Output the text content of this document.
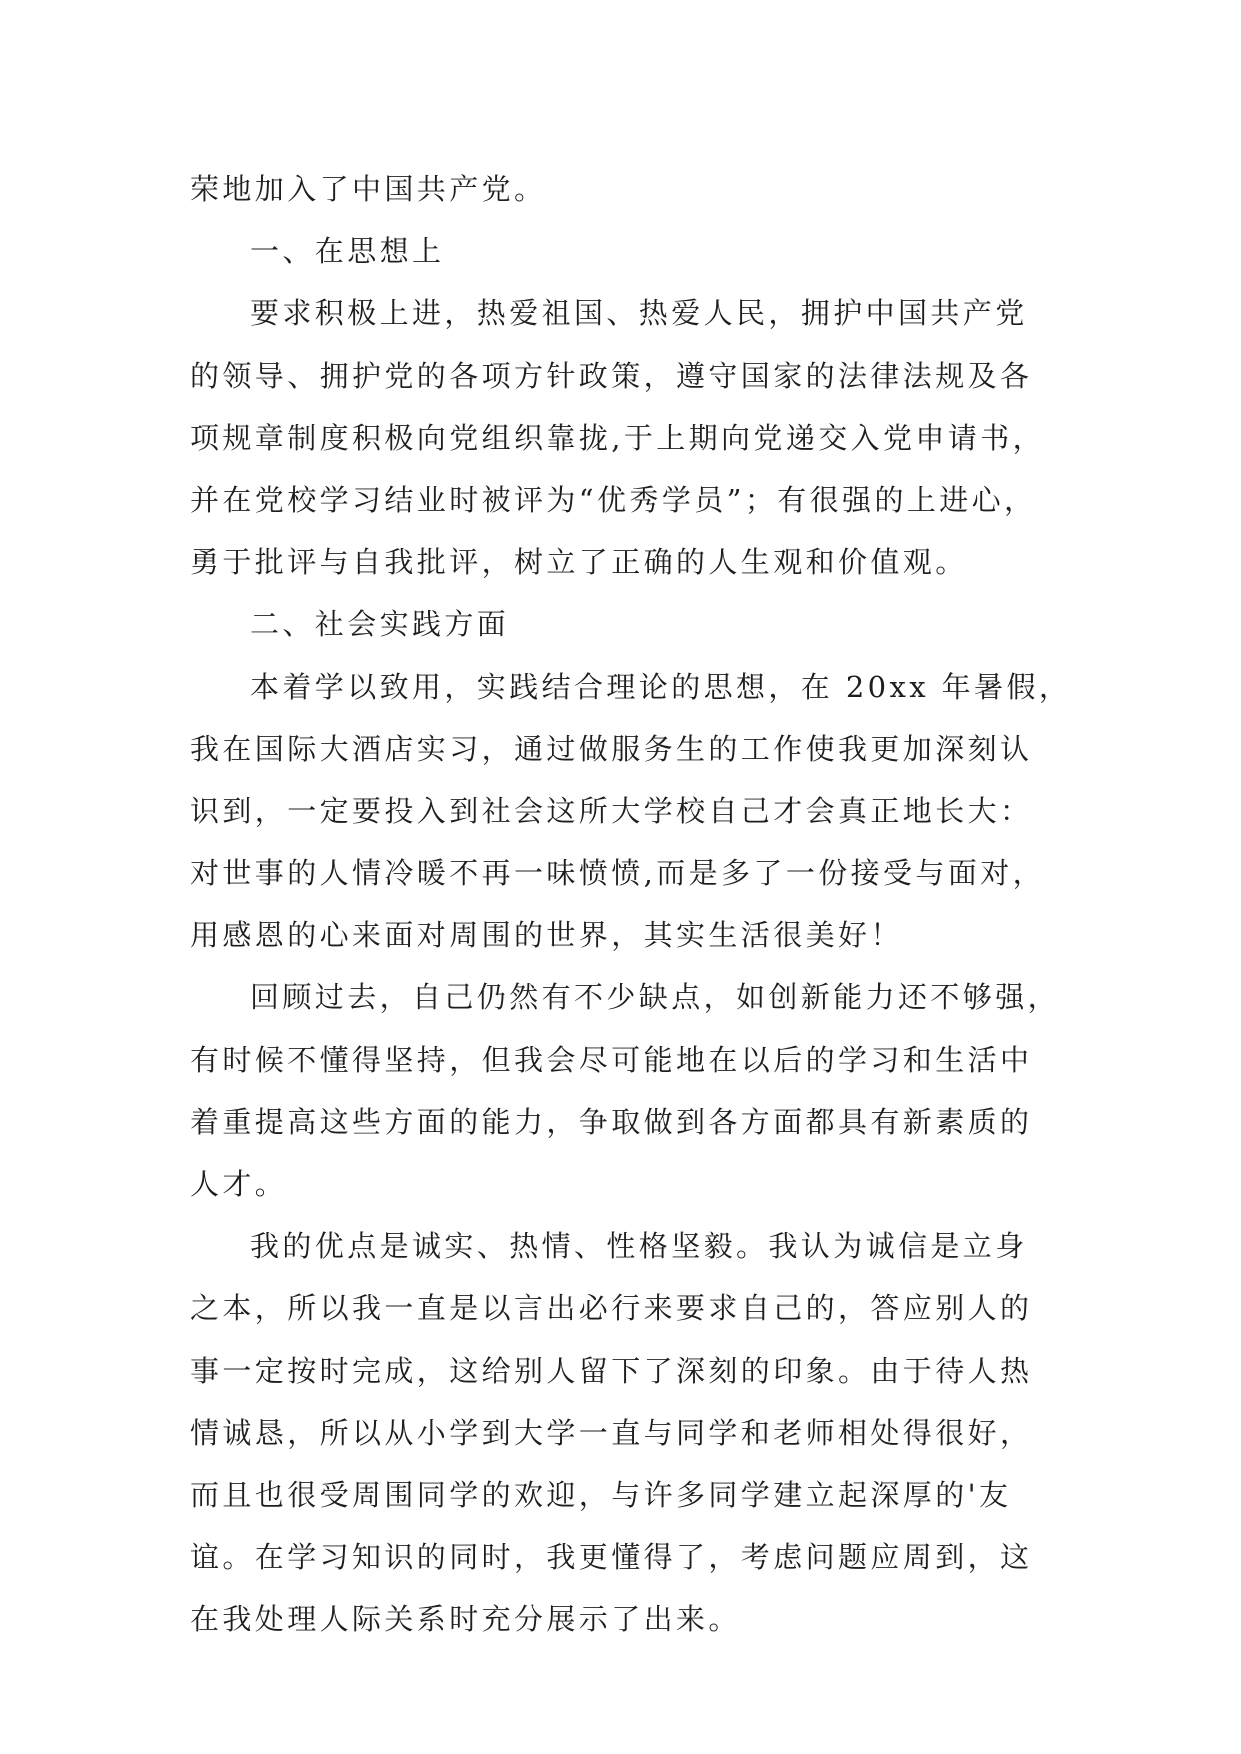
荣地加入了中国共产党。
一、在思想上
要求积极上进，热爱祖国、热爱人民，拥护中国共产党
的领导、拥护党的各项方针政策，遵守国家的法律法规及各
项规章制度积极向党组织靠拢,于上期向党递交入党申请书，
并在党校学习结业时被评为“优秀学员”；有很强的上进心，
勇于批评与自我批评，树立了正确的人生观和价值观。
二、社会实践方面
本着学以致用，实践结合理论的思想，在 20xx 年暑假，
我在国际大酒店实习，通过做服务生的工作使我更加深刻认
识到，一定要投入到社会这所大学校自己才会真正地长大：
对世事的人情冷暖不再一味愤愤,而是多了一份接受与面对，
用感恩的心来面对周围的世界，其实生活很美好！
回顾过去，自己仍然有不少缺点，如创新能力还不够强，
有时候不懂得坚持，但我会尽可能地在以后的学习和生活中
着重提高这些方面的能力，争取做到各方面都具有新素质的
人才。
我的优点是诚实、热情、性格坚毅。我认为诚信是立身
之本，所以我一直是以言出必行来要求自己的，答应别人的
事一定按时完成，这给别人留下了深刻的印象。由于待人热
情诚恳，所以从小学到大学一直与同学和老师相处得很好，
而且也很受周围同学的欢迎，与许多同学建立起深厚的'友
谊。在学习知识的同时，我更懂得了，考虑问题应周到，这
在我处理人际关系时充分展示了出来。
